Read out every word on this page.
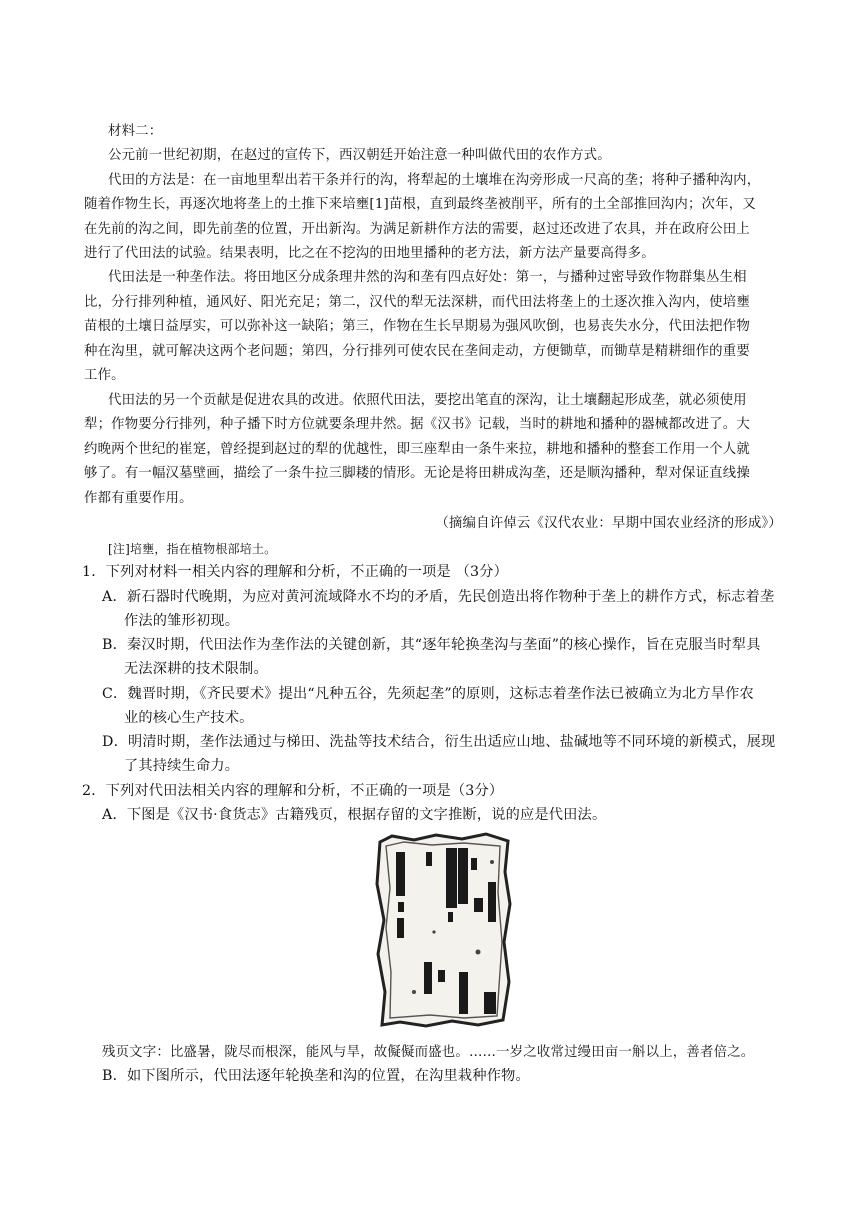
材料二：
公元前一世纪初期，在赵过的宣传下，西汉朝廷开始注意一种叫做代田的农作方式。
代田的方法是：在一亩地里犁出若干条并行的沟，将犁起的土壤堆在沟旁形成一尺高的垄；将种子播种沟内，
随着作物生长，再逐次地将垄上的土推下来培壅[1]苗根，直到最终垄被削平，所有的土全部推回沟内；次年，又
在先前的沟之间，即先前垄的位置，开出新沟。为满足新耕作方法的需要，赵过还改进了农具，并在政府公田上
进行了代田法的试验。结果表明，比之在不挖沟的田地里播种的老方法，新方法产量要高得多。
代田法是一种垄作法。将田地区分成条理井然的沟和垄有四点好处：第一，与播种过密导致作物群集丛生相
比，分行排列种植，通风好、阳光充足；第二，汉代的犁无法深耕，而代田法将垄上的土逐次推入沟内，使培壅
苗根的土壤日益厚实，可以弥补这一缺陷；第三，作物在生长早期易为强风吹倒，也易丧失水分，代田法把作物
种在沟里，就可解决这两个老问题；第四，分行排列可使农民在垄间走动，方便锄草，而锄草是精耕细作的重要
工作。
代田法的另一个贡献是促进农具的改进。依照代田法，要挖出笔直的深沟，让土壤翻起形成垄，就必须使用
犁；作物要分行排列，种子播下时方位就要条理井然。据《汉书》记载，当时的耕地和播种的器械都改进了。大
约晚两个世纪的崔寔，曾经提到赵过的犁的优越性，即三座犁由一条牛来拉，耕地和播种的整套工作用一个人就
够了。有一幅汉墓壁画，描绘了一条牛拉三脚耧的情形。无论是将田耕成沟垄，还是顺沟播种，犁对保证直线操
作都有重要作用。
（摘编自许倬云《汉代农业：早期中国农业经济的形成》）
[注]培壅，指在植物根部培土。
1．下列对材料一相关内容的理解和分析，不正确的一项是 （3分）
A．新石器时代晚期，为应对黄河流域降水不均的矛盾，先民创造出将作物种于垄上的耕作方式，标志着垄
作法的雏形初现。
B．秦汉时期，代田法作为垄作法的关键创新，其“逐年轮换垄沟与垄面”的核心操作，旨在克服当时犁具
无法深耕的技术限制。
C．魏晋时期，《齐民要术》提出“凡种五谷，先须起垄”的原则，这标志着垄作法已被确立为北方旱作农
业的核心生产技术。
D．明清时期，垄作法通过与梯田、洗盐等技术结合，衍生出适应山地、盐碱地等不同环境的新模式，展现
了其持续生命力。
2．下列对代田法相关内容的理解和分析，不正确的一项是（3分）
A．下图是《汉书·食货志》古籍残页，根据存留的文字推断，说的应是代田法。
残页文字：比盛暑，陇尽而根深，能风与旱，故儗儗而盛也。……一岁之收常过缦田亩一斛以上，善者倍之。
B．如下图所示，代田法逐年轮换垄和沟的位置，在沟里栽种作物。
